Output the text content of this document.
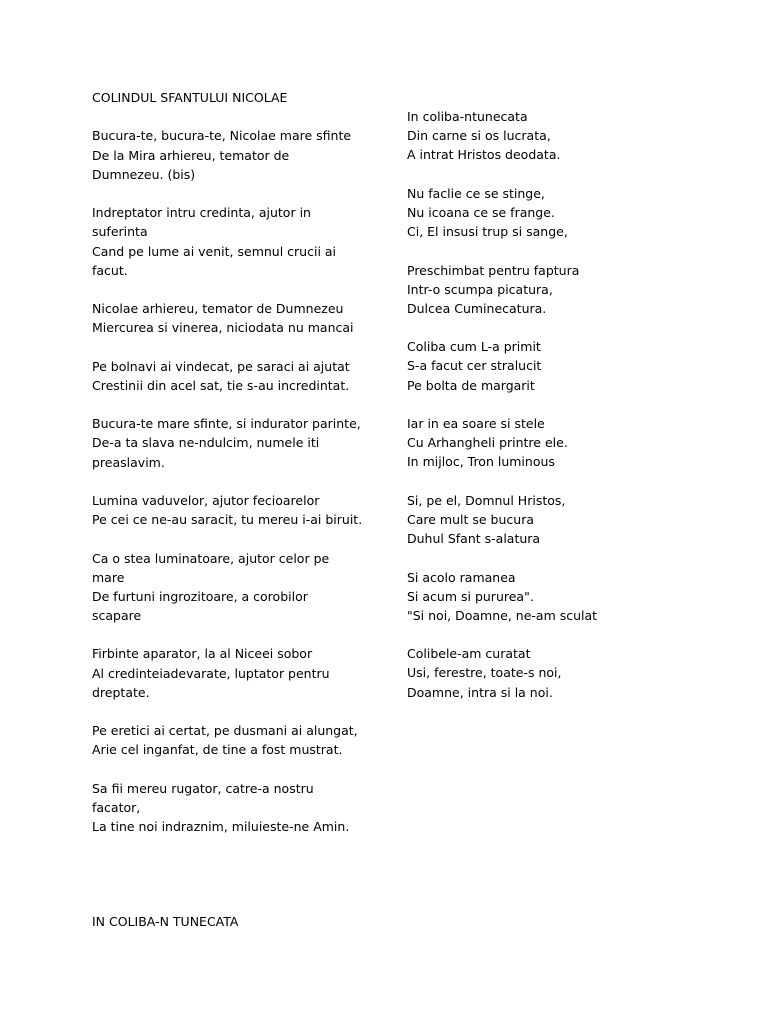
COLINDUL SFANTULUI NICOLAE
Bucura-te, bucura-te, Nicolae mare sfinte
De la Mira arhiereu, temator de
Dumnezeu. (bis)
Indreptator intru credinta, ajutor in
suferinta
Cand pe lume ai venit, semnul crucii ai
facut.
Nicolae arhiereu, temator de Dumnezeu
Miercurea si vinerea, niciodata nu mancai
Pe bolnavi ai vindecat, pe saraci ai ajutat
Crestinii din acel sat, tie s-au incredintat.
Bucura-te mare sfinte, si indurator parinte,
De-a ta slava ne-ndulcim, numele iti
preaslavim.
Lumina vaduvelor, ajutor fecioarelor
Pe cei ce ne-au saracit, tu mereu i-ai biruit.
Ca o stea luminatoare, ajutor celor pe
mare
De furtuni ingrozitoare, a corobilor
scapare
Firbinte aparator, la al Niceei sobor
Al credinteiadevarate, luptator pentru
dreptate.
Pe eretici ai certat, pe dusmani ai alungat,
Arie cel inganfat, de tine a fost mustrat.
Sa fii mereu rugator, catre-a nostru
facator,
La tine noi indraznim, miluieste-ne Amin.
In coliba-ntunecata
Din carne si os lucrata,
A intrat Hristos deodata.
Nu faclie ce se stinge,
Nu icoana ce se frange.
Ci, El insusi trup si sange,
Preschimbat pentru faptura
Intr-o scumpa picatura,
Dulcea Cuminecatura.
Coliba cum L-a primit
S-a facut cer stralucit
Pe bolta de margarit
Iar in ea soare si stele
Cu Arhangheli printre ele.
In mijloc, Tron luminous
Si, pe el, Domnul Hristos,
Care mult se bucura
Duhul Sfant s-alatura
Si acolo ramanea
Si acum si pururea".
"Si noi, Doamne, ne-am sculat
Colibele-am curatat
Usi, ferestre, toate-s noi,
Doamne, intra si la noi.
IN COLIBA-N TUNECATA
